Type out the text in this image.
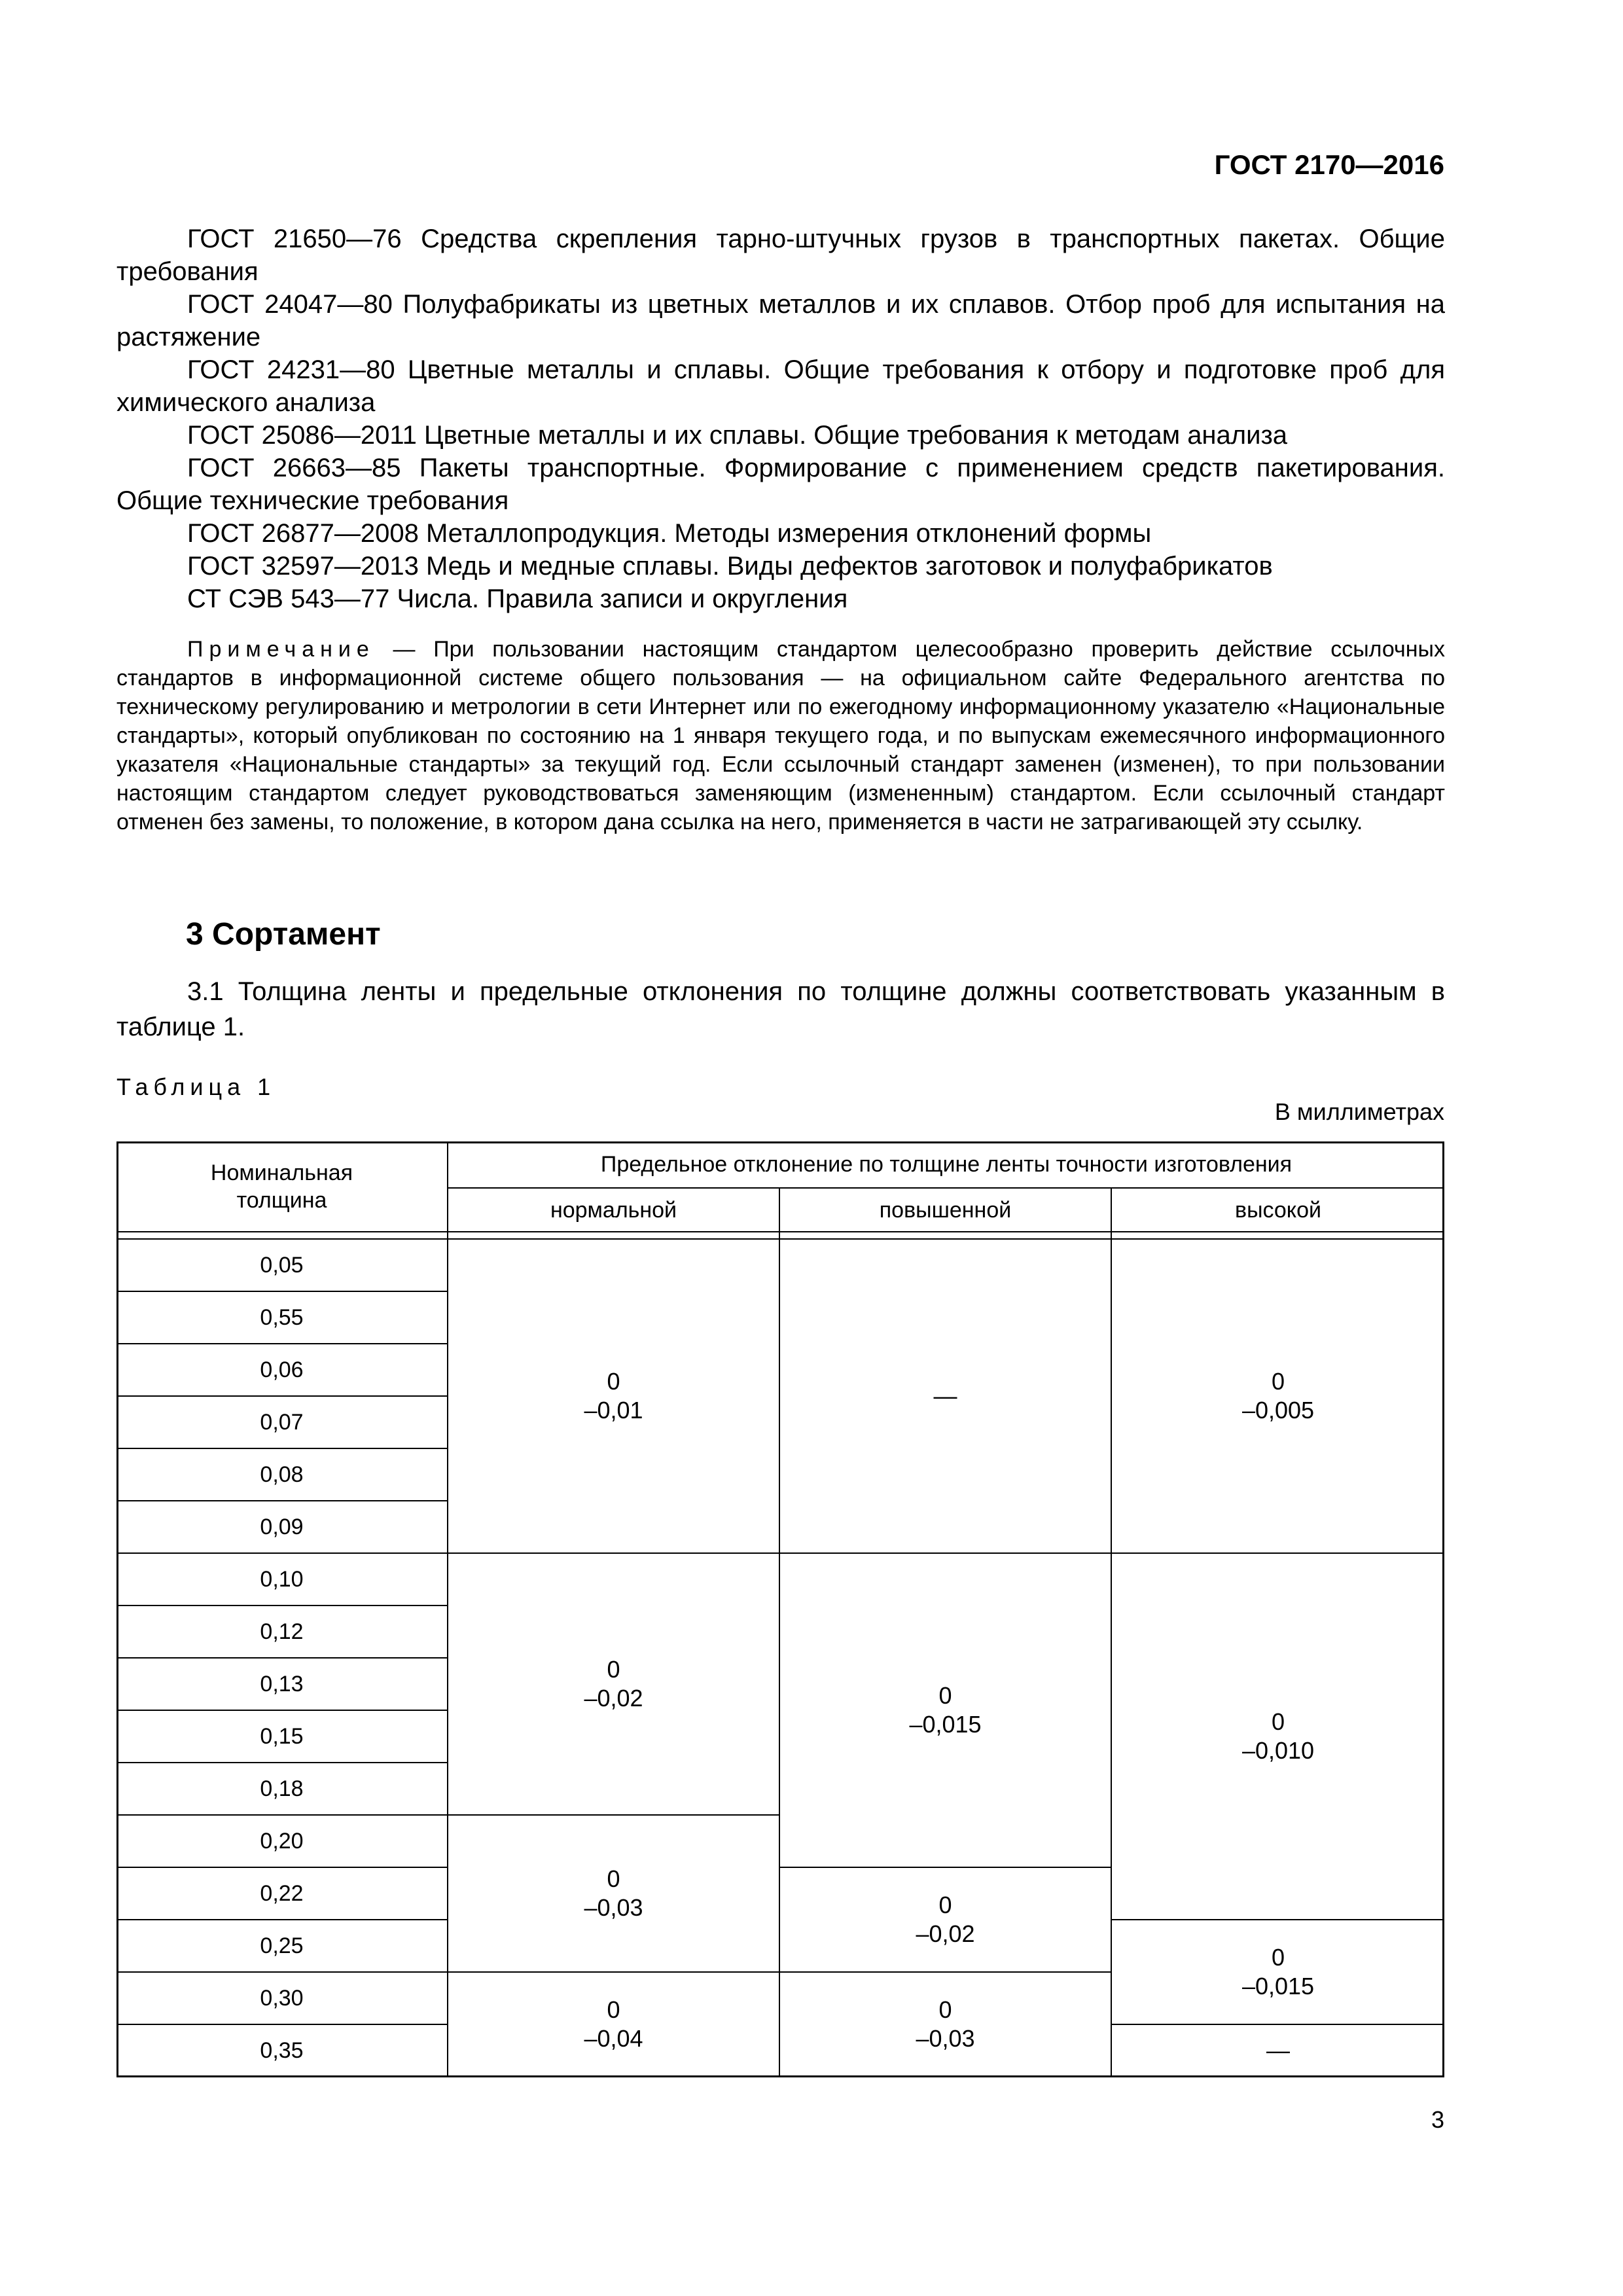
ГОСТ 2170—2016

ГОСТ 21650—76 Средства скрепления тарно-штучных грузов в транспортных пакетах. Общие требования

ГОСТ 24047—80 Полуфабрикаты из цветных металлов и их сплавов. Отбор проб для испытания на растяжение

ГОСТ 24231—80 Цветные металлы и сплавы. Общие требования к отбору и подготовке проб для химического анализа

ГОСТ 25086—2011 Цветные металлы и их сплавы. Общие требования к методам анализа

ГОСТ 26663—85 Пакеты транспортные. Формирование с применением средств пакетирования. Общие технические требования

ГОСТ 26877—2008 Металлопродукция. Методы измерения отклонений формы

ГОСТ 32597—2013 Медь и медные сплавы. Виды дефектов заготовок и полуфабрикатов

СТ СЭВ 543—77 Числа. Правила записи и округления

Примечание — При пользовании настоящим стандартом целесообразно проверить действие ссылочных стандартов в информационной системе общего пользования — на официальном сайте Федерального агентства по техническому регулированию и метрологии в сети Интернет или по ежегодному информационному указателю «Национальные стандарты», который опубликован по состоянию на 1 января текущего года, и по выпускам ежемесячного информационного указателя «Национальные стандарты» за текущий год. Если ссылочный стандарт заменен (изменен), то при пользовании настоящим стандартом следует руководствоваться заменяющим (измененным) стандартом. Если ссылочный стандарт отменен без замены, то положение, в котором дана ссылка на него, применяется в части не затрагивающей эту ссылку.
3 Сортамент
3.1 Толщина ленты и предельные отклонения по толщине должны соответствовать указанным в таблице 1.
Таблица 1
В миллиметрах
Номинальная толщина
Предельное отклонение по толщине ленты точности изготовления
нормальной	повышенной	высокой
0,05
0,55
0,06
0,07
0,08
0,09
0,10
0,12
0,13
0,15
0,18
0,20
0,22
0,25
0,30
0,35
0
–0,01
0
–0,02
0
–0,03
0
–0,04
—
0
–0,015
0
–0,02
0
–0,03
0
–0,005
0
–0,010
0
–0,015
—
3
